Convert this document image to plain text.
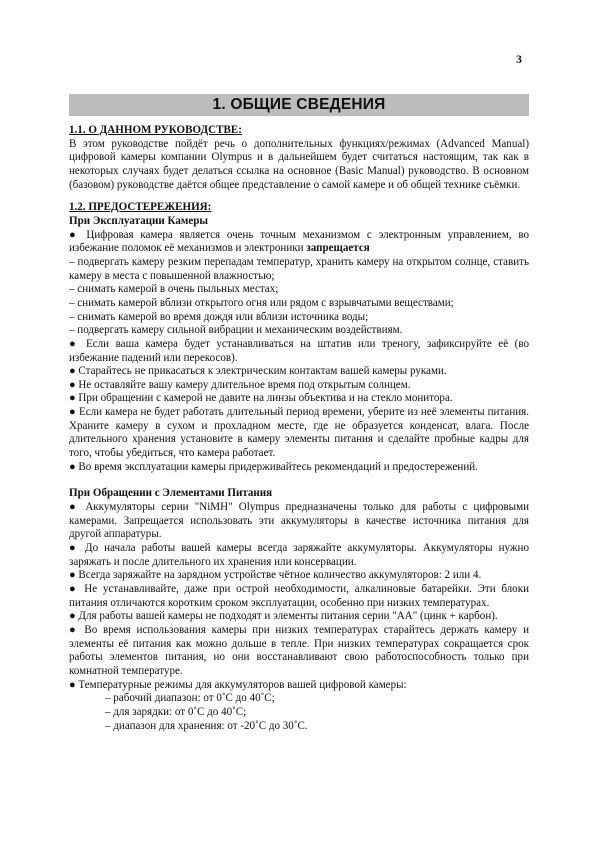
3
1. ОБЩИЕ СВЕДЕНИЯ

1.1. О ДАННОМ РУКОВОДСТВЕ:

В этом руководстве пойдёт речь о дополнительных функциях/режимах (Advanced Manual) цифровой камеры компании Olympus и в дальнейшем будет считаться настоящим, так как в некоторых случаях будет делаться ссылка на основное (Basic Manual) руководство. В основном (базовом) руководстве даётся общее представление о самой камере и об общей технике съёмки.

1.2. ПРЕДОСТЕРЕЖЕНИЯ:

При Эксплуатации Камеры

● Цифровая камера является очень точным механизмом с электронным управлением, во избежание поломок её механизмов и электроники запрещается

– подвергать камеру резким перепадам температур, хранить камеру на открытом солнце, ставить камеру в места с повышенной влажностью;

– снимать камерой в очень пыльных местах;

– снимать камерой вблизи открытого огня или рядом с взрывчатыми веществами;

– снимать камерой во время дождя или вблизи источника воды;

– подвергать камеру сильной вибрации и механическим воздействиям.

● Если ваша камера будет устанавливаться на штатив или треногу, зафиксируйте её (во избежание падений или перекосов).

● Старайтесь не прикасаться к электрическим контактам вашей камеры руками.

● Не оставляйте вашу камеру длительное время под открытым солнцем.

● При обращении с камерой не давите на линзы объектива и на стекло монитора.

● Если камера не будет работать длительный период времени, уберите из неё элементы питания. Храните камеру в сухом и прохладном месте, где не образуется конденсат, влага. После длительного хранения установите в камеру элементы питания и сделайте пробные кадры для того, чтобы убедиться, что камера работает.

● Во время эксплуатации камеры придерживайтесь рекомендаций и предостережений.

При Обращении с Элементами Питания

● Аккумуляторы серии "NiMH" Olympus предназначены только для работы с цифровыми камерами. Запрещается использовать эти аккумуляторы в качестве источника питания для другой аппаратуры.

● До начала работы вашей камеры всегда заряжайте аккумуляторы. Аккумуляторы нужно заряжать и после длительного их хранения или консервации.

● Всегда заряжайте на зарядном устройстве чётное количество аккумуляторов: 2 или 4.

● Не устанавливайте, даже при острой необходимости, алкалиновые батарейки. Эти блоки питания отличаются коротким сроком эксплуатации, особенно при низких температурах.

● Для работы вашей камеры не подходят и элементы питания серии "АА" (цинк + карбон).

● Во время использования камеры при низких температурах старайтесь держать камеру и элементы её питания как можно дольше в тепле. При низких температурах сокращается срок работы элементов питания, но они восстанавливают свою работоспособность только при комнатной температуре.

● Температурные режимы для аккумуляторов вашей цифровой камеры:

– рабочий диапазон: от 0˚С до 40˚С;

– для зарядки: от 0˚С до 40˚С;

– диапазон для хранения: от -20˚С до 30˚С.
